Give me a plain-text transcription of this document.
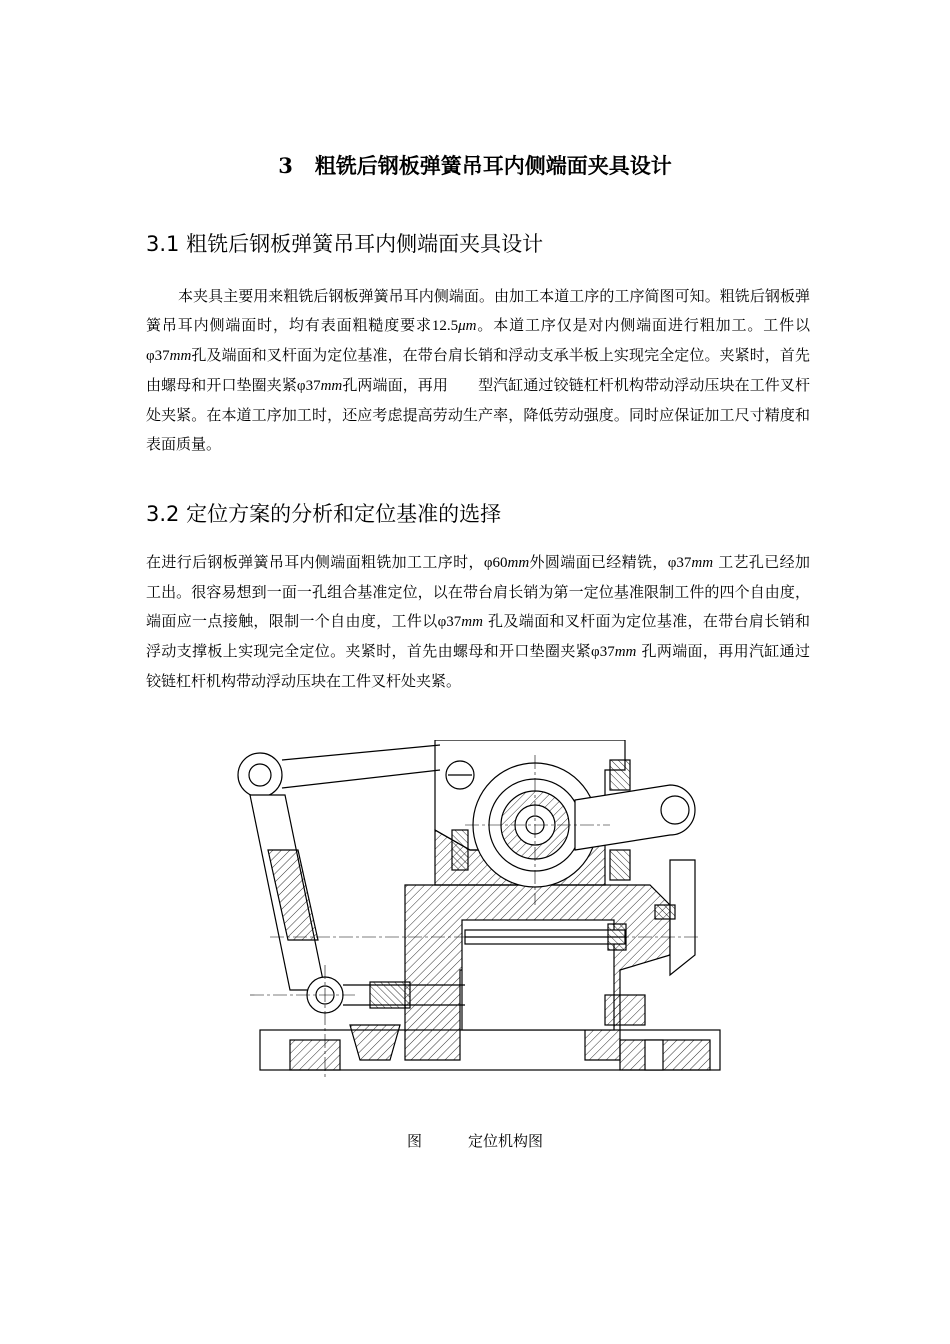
3 粗铣后钢板弹簧吊耳内侧端面夹具设计
3.1 粗铣后钢板弹簧吊耳内侧端面夹具设计
本夹具主要用来粗铣后钢板弹簧吊耳内侧端面。由加工本道工序的工序简图可知。粗铣后钢板弹簧吊耳内侧端面时，均有表面粗糙度要求12.5μm。本道工序仅是对内侧端面进行粗加工。工件以φ37mm孔及端面和叉杆面为定位基准，在带台肩长销和浮动支承半板上实现完全定位。夹紧时，首先由螺母和开口垫圈夹紧φ37mm孔两端面，再用 型汽缸通过铰链杠杆机构带动浮动压块在工件叉杆处夹紧。在本道工序加工时，还应考虑提高劳动生产率，降低劳动强度。同时应保证加工尺寸精度和表面质量。
3.2 定位方案的分析和定位基准的选择
在进行后钢板弹簧吊耳内侧端面粗铣加工工序时，φ60mm外圆端面已经精铣，φ37mm 工艺孔已经加工出。很容易想到一面一孔组合基准定位，以在带台肩长销为第一定位基准限制工件的四个自由度，端面应一点接触，限制一个自由度，工件以φ37mm 孔及端面和叉杆面为定位基准，在带台肩长销和浮动支撑板上实现完全定位。夹紧时，首先由螺母和开口垫圈夹紧φ37mm 孔两端面，再用汽缸通过铰链杠杆机构带动浮动压块在工件叉杆处夹紧。
图	定位机构图
